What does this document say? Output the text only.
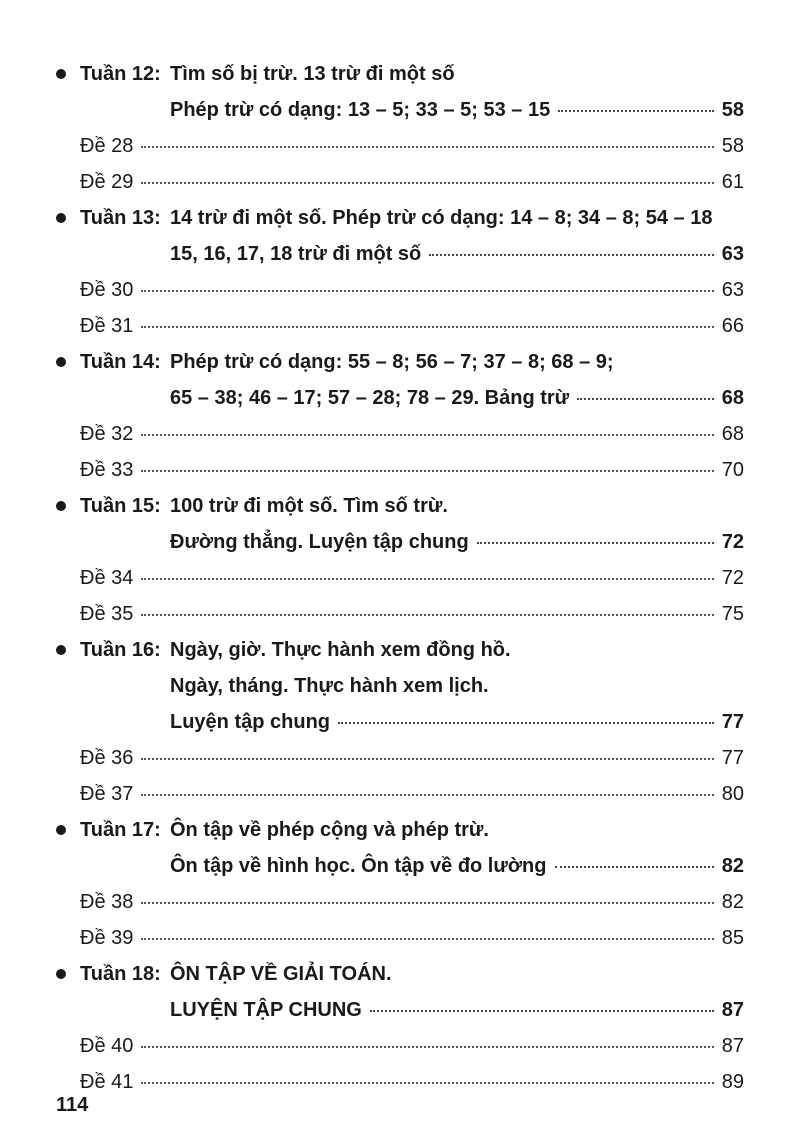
Tuần 12: Tìm số bị trừ. 13 trừ đi một số
Phép trừ có dạng: 13 – 5; 33 – 5; 53 – 15	58
Đề 28	58
Đề 29	61
Tuần 13: 14 trừ đi một số. Phép trừ có dạng: 14 – 8; 34 – 8; 54 – 18
15, 16, 17, 18 trừ đi một số	63
Đề 30	63
Đề 31	66
Tuần 14: Phép trừ có dạng: 55 – 8; 56 – 7; 37 – 8; 68 – 9;
65 – 38; 46 – 17; 57 – 28; 78 – 29. Bảng trừ	68
Đề 32	68
Đề 33	70
Tuần 15: 100 trừ đi một số. Tìm số trừ.
Đường thẳng. Luyện tập chung	72
Đề 34	72
Đề 35	75
Tuần 16: Ngày, giờ. Thực hành xem đồng hồ.
Ngày, tháng. Thực hành xem lịch.
Luyện tập chung	77
Đề 36	77
Đề 37	80
Tuần 17: Ôn tập về phép cộng và phép trừ.
Ôn tập về hình học. Ôn tập về đo lường	82
Đề 38	82
Đề 39	85
Tuần 18: ÔN TẬP VỀ GIẢI TOÁN.
LUYỆN TẬP CHUNG	87
Đề 40	87
Đề 41	89
114
